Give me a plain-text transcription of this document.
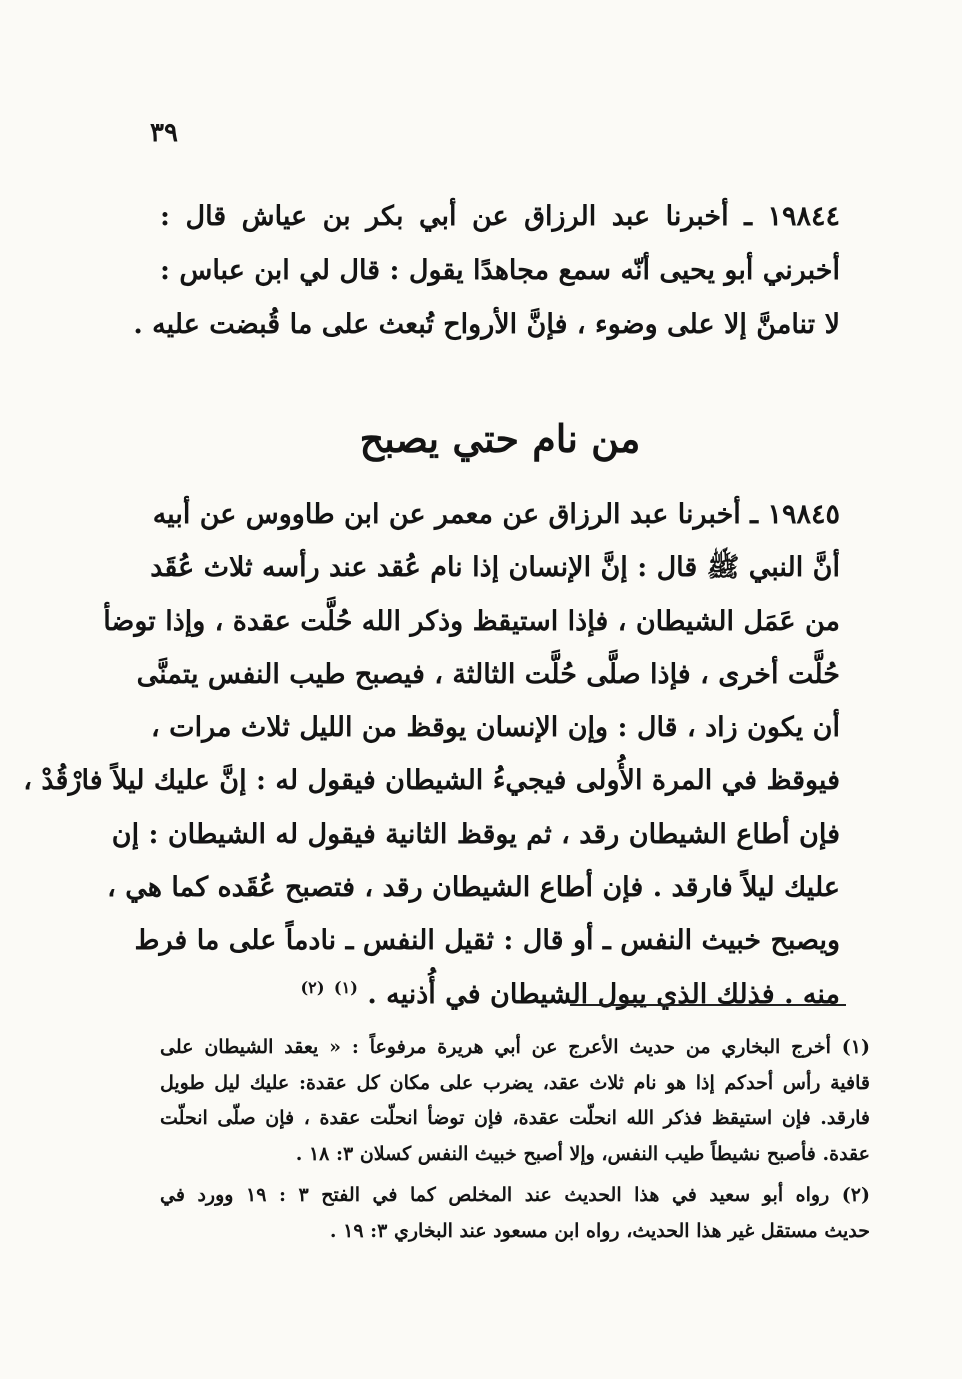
٣٩
١٩٨٤٤ ـ أخبرنا عبد الرزاق عن أبي بكر بن عياش قال :
أخبرني أبو يحيى أنّه سمع مجاهدًا يقول : قال لي ابن عباس :
لا تنامنَّ إلا على وضوء ، فإنَّ الأرواح تُبعث على ما قُبضت عليه .
من نام حتي يصبح
١٩٨٤٥ ـ أخبرنا عبد الرزاق عن معمر عن ابن طاووس عن أبيه
أنَّ النبي ﷺ قال : إنَّ الإنسان إذا نام عُقد عند رأسه ثلاث عُقَد
من عَمَل الشيطان ، فإذا استيقظ وذكر الله حُلَّت عقدة ، وإذا توضأ
حُلَّت أخرى ، فإذا صلَّى حُلَّت الثالثة ، فيصبح طيب النفس يتمنَّى
أن يكون زاد ، قال : وإن الإنسان يوقظ من الليل ثلاث مرات ،
فيوقظ في المرة الأُولى فيجيءُ الشيطان فيقول له : إنَّ عليك ليلاً فارْقُدْ ،
فإن أطاع الشيطان رقد ، ثم يوقظ الثانية فيقول له الشيطان : إن
عليك ليلاً فارقد . فإن أطاع الشيطان رقد ، فتصبح عُقَده كما هي ،
ويصبح خبيث النفس ـ أو قال : ثقيل النفس ـ نادماً على ما فرط
منه . فذلك الذي يبول الشيطان في أُذنيه . $^{(١)}$ $^{(٢)}$
(١) أخرج البخاري من حديث الأعرج عن أبي هريرة مرفوعاً : « يعقد الشيطان على
قافية رأس أحدكم إذا هو نام ثلاث عقد، يضرب على مكان كل عقدة: عليك ليل طويل
فارقد. فإن استيقظ فذكر الله انحلّت عقدة، فإن توضأ انحلّت عقدة ، فإن صلّى انحلّت
عقدة. فأصبح نشيطاً طيب النفس، وإلا أصبح خبيث النفس كسلان ٣: ١٨ .
(٢) رواه أبو سعيد في هذا الحديث عند المخلص كما في الفتح ٣ : ١٩ وورد في
حديث مستقل غير هذا الحديث، رواه ابن مسعود عند البخاري ٣: ١٩ .
